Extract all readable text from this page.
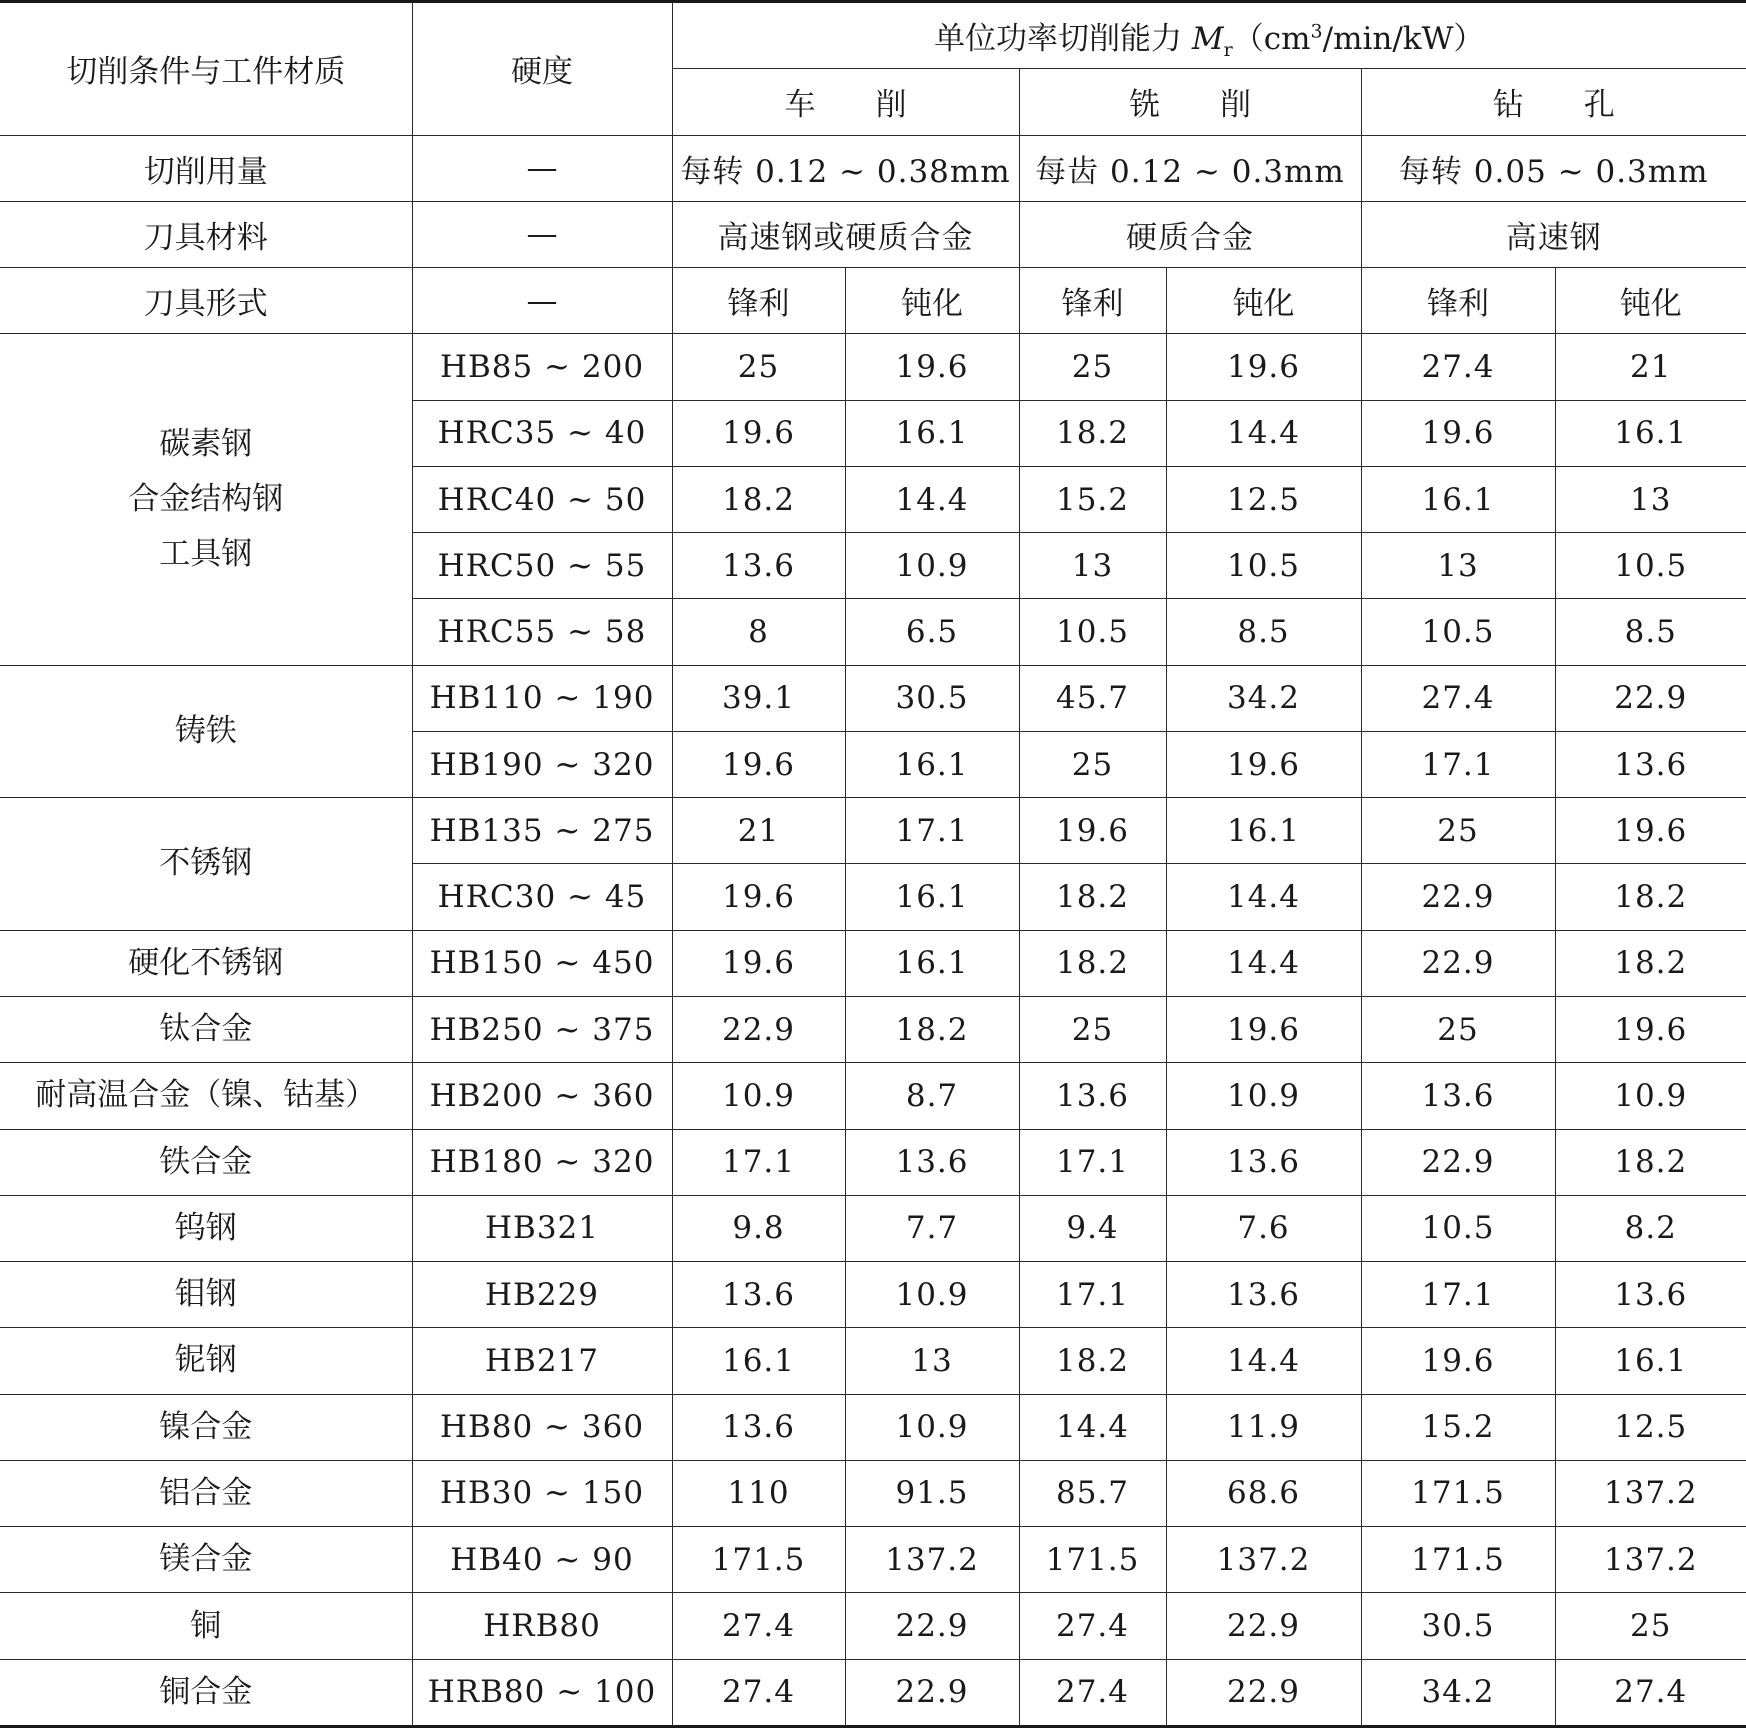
切削条件与工件材质	硬度	单位功率切削能力 $M_r(cm^3/\min/kW)$					
		车削		铣削		钻孔	
切削用量	—	每转 0.12 ~ 0.38mm		每齿 0.12 ~ 0.3mm		每转 0.05 ~ 0.3mm	
刀具材料	—	高速钢或硬质合金		硬质合金		高速钢	
刀具形式	—	锋利	钝化	锋利	钝化	锋利	钝化

碳素钢
合金结构钢
工具钢	HB85 ~ 200	25	19.6	25	19.6	27.4	21
	HRC35 ~ 40	19.6	16.1	18.2	14.4	19.6	16.1
	HRC40 ~ 50	18.2	14.4	15.2	12.5	16.1	13
	HRC50 ~ 55	13.6	10.9	13	10.5	13	10.5
	HRC55 ~ 58	8	6.5	10.5	8.5	10.5	8.5

铸铁	HB110 ~ 190	39.1	30.5	45.7	34.2	27.4	22.9
	HB190 ~ 320	19.6	16.1	25	19.6	17.1	13.6

不锈钢	HB135 ~ 275	21	17.1	19.6	16.1	25	19.6
	HRC30 ~ 45	19.6	16.1	18.2	14.4	22.9	18.2

硬化不锈钢	HB150 ~ 450	19.6	16.1	18.2	14.4	22.9	18.2

钛合金	HB250 ~ 375	22.9	18.2	25	19.6	25	19.6

耐高温合金（镍、钴基）	HB200 ~ 360	10.9	8.7	13.6	10.9	13.6	10.9

铁合金	HB180 ~ 320	17.1	13.6	17.1	13.6	22.9	18.2

钨钢	HB321	9.8	7.7	9.4	7.6	10.5	8.2

钼钢	HB229	13.6	10.9	17.1	13.6	17.1	13.6

铌钢	HB217	16.1	13	18.2	14.4	19.6	16.1

镍合金	HB80 ~ 360	13.6	10.9	14.4	11.9	15.2	12.5

铝合金	HB30 ~ 150	110	91.5	85.7	68.6	171.5	137.2

镁合金	HB40 ~ 90	171.5	137.2	171.5	137.2	171.5	137.2

铜	HRB80	27.4	22.9	27.4	22.9	30.5	25

铜合金	HRB80 ~ 100	27.4	22.9	27.4	22.9	34.2	27.4
